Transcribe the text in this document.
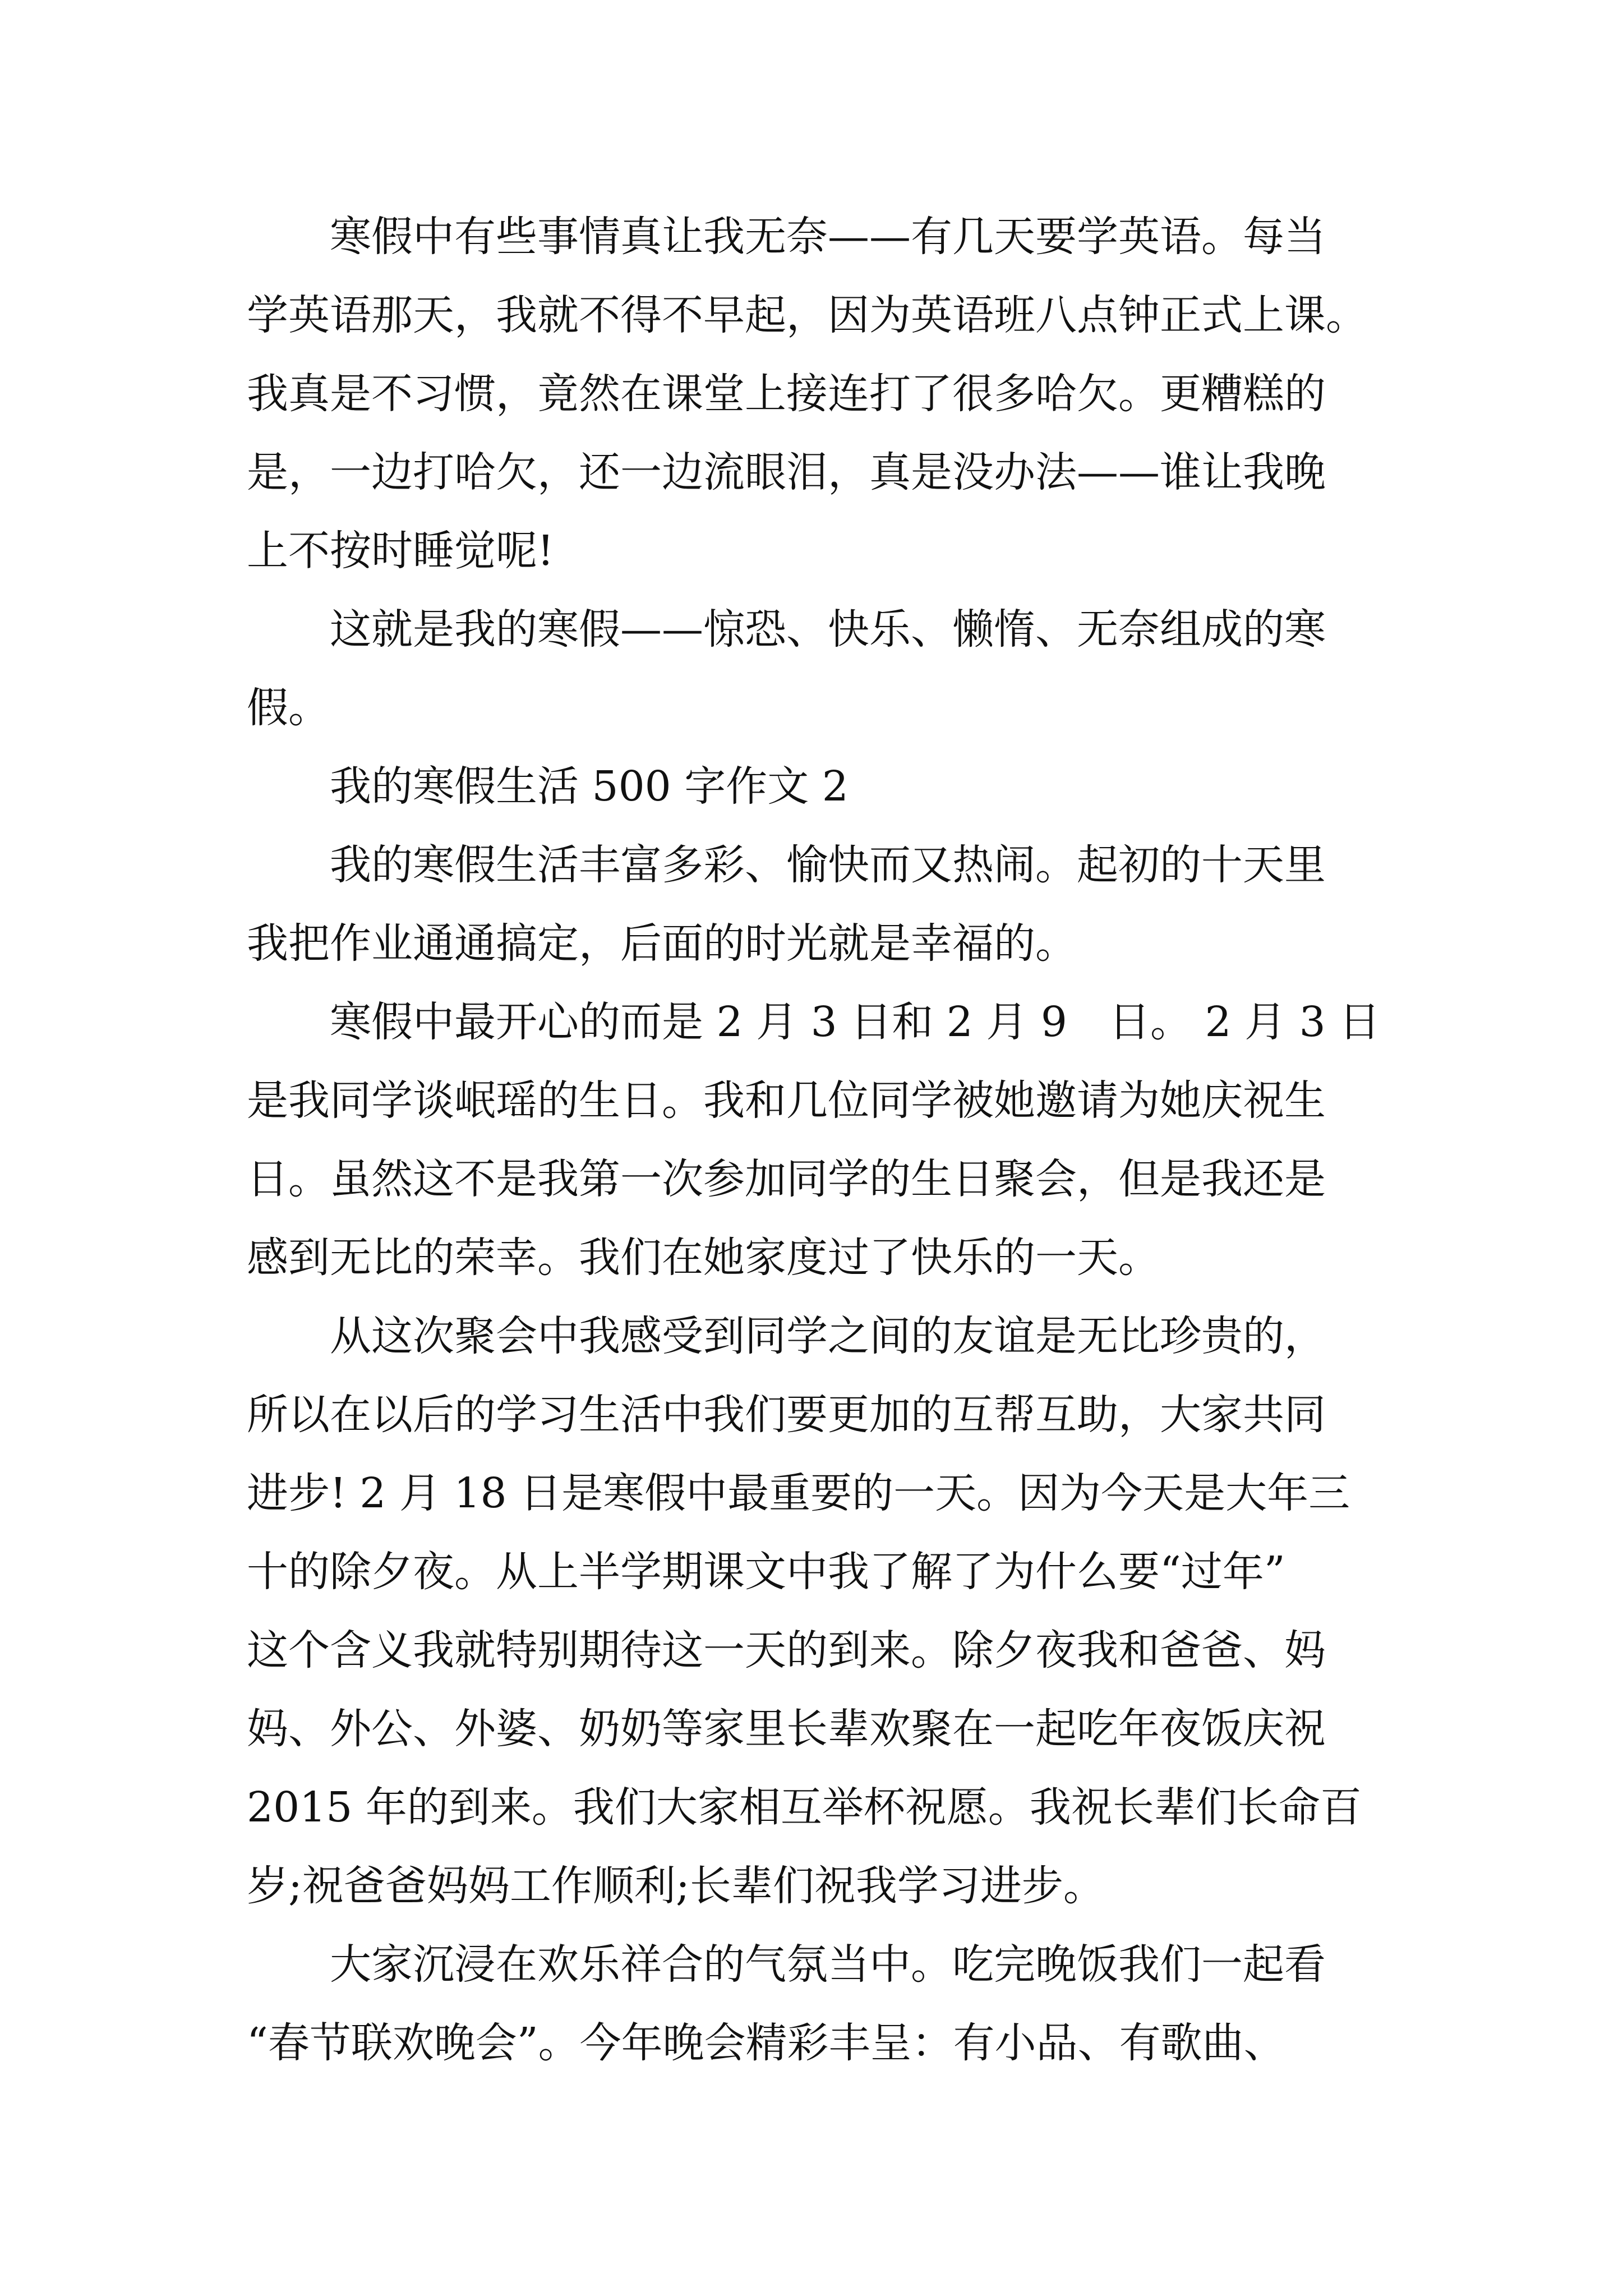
　　寒假中有些事情真让我无奈——有几天要学英语。每当
学英语那天，我就不得不早起，因为英语班八点钟正式上课。
我真是不习惯，竟然在课堂上接连打了很多哈欠。更糟糕的
是，一边打哈欠，还一边流眼泪，真是没办法——谁让我晚
上不按时睡觉呢!
　　这就是我的寒假——惊恐、快乐、懒惰、无奈组成的寒
假。
　　我的寒假生活 500 字作文 2
　　我的寒假生活丰富多彩、愉快而又热闹。起初的十天里
我把作业通通搞定，后面的时光就是幸福的。
　　寒假中最开心的而是 2 月 3 日和 2 月 9　日。 2 月 3 日
是我同学谈岷瑶的生日。我和几位同学被她邀请为她庆祝生
日。虽然这不是我第一次参加同学的生日聚会，但是我还是
感到无比的荣幸。我们在她家度过了快乐的一天。
　　从这次聚会中我感受到同学之间的友谊是无比珍贵的，
所以在以后的学习生活中我们要更加的互帮互助，大家共同
进步! 2 月 18 日是寒假中最重要的一天。因为今天是大年三
十的除夕夜。从上半学期课文中我了解了为什么要“过年”
这个含义我就特别期待这一天的到来。除夕夜我和爸爸、妈
妈、外公、外婆、奶奶等家里长辈欢聚在一起吃年夜饭庆祝
2015 年的到来。我们大家相互举杯祝愿。我祝长辈们长命百
岁;祝爸爸妈妈工作顺利;长辈们祝我学习进步。
　　大家沉浸在欢乐祥合的气氛当中。吃完晚饭我们一起看
“春节联欢晚会”。今年晚会精彩丰呈：有小品、有歌曲、
